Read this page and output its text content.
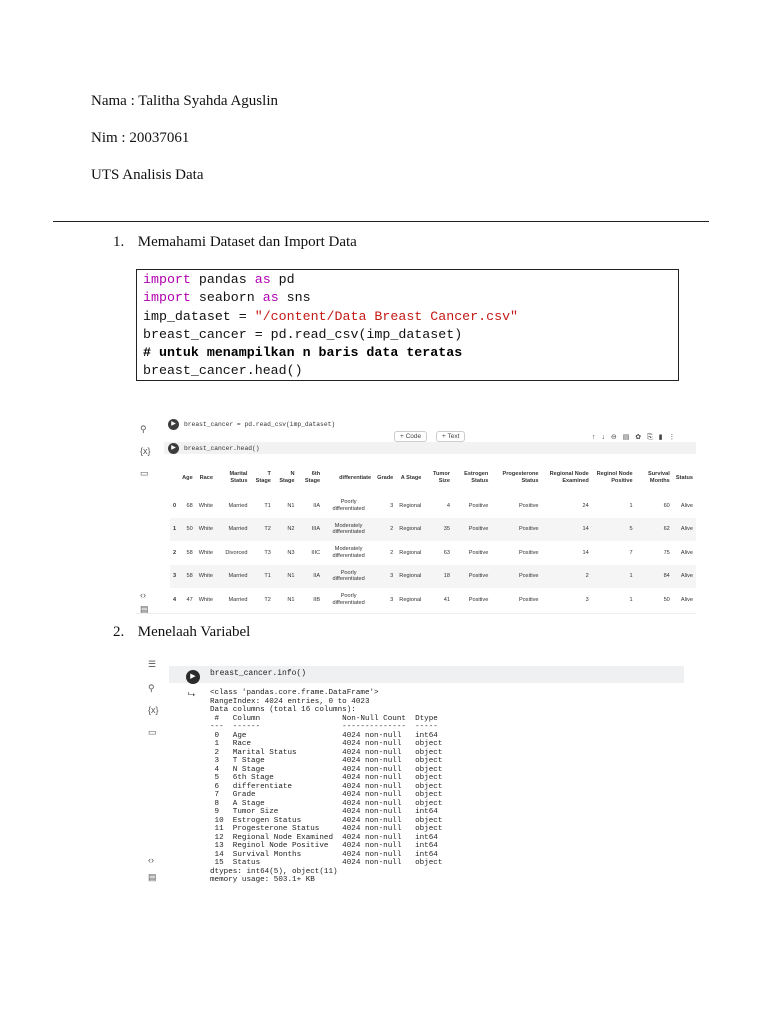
Nama : Talitha Syahda Aguslin
Nim : 20037061
UTS Analisis Data
1. Memahami Dataset dan Import Data
import pandas as pd
import seaborn as sns
imp_dataset = "/content/Data Breast Cancer.csv"
breast_cancer = pd.read_csv(imp_dataset)
# untuk menampilkan n baris data teratas
breast_cancer.head()
⚲
{x}
▭
‹›
▤
▶	breast_cancer = pd.read_csv(imp_dataset)
+ Code	+ Text	↑ ↓ ⊖ ▤ ✿ ⎘ ▮ ⋮
▶	breast_cancer.head()
	Age	Race	Marital Status	T Stage	N Stage	6th Stage	differentiate	Grade	A Stage	Tumor Size	Estrogen Status	Progesterone Status	Regional Node Examined	Reginol Node Positive	Survival Months	Status
0	68	White	Married	T1	N1	IIA	Poorly differentiated	3	Regional	4	Positive	Positive	24	1	60	Alive
1	50	White	Married	T2	N2	IIIA	Moderately differentiated	2	Regional	35	Positive	Positive	14	5	62	Alive
2	58	White	Divorced	T3	N3	IIIC	Moderately differentiated	2	Regional	63	Positive	Positive	14	7	75	Alive
3	58	White	Married	T1	N1	IIA	Poorly differentiated	3	Regional	18	Positive	Positive	2	1	84	Alive
4	47	White	Married	T2	N1	IIB	Poorly differentiated	3	Regional	41	Positive	Positive	3	1	50	Alive
2. Menelaah Variabel
☰
⚲
{x}
▭
‹›
▤
▶	breast_cancer.info()
⮡ <class 'pandas.core.frame.DataFrame'>
RangeIndex: 4024 entries, 0 to 4023
Data columns (total 16 columns):
#   Column                  Non-Null Count  Dtype
---  ------                  --------------  -----
0   Age                     4024 non-null   int64
1   Race                    4024 non-null   object
2   Marital Status          4024 non-null   object
3   T Stage                 4024 non-null   object
4   N Stage                 4024 non-null   object
5   6th Stage               4024 non-null   object
6   differentiate           4024 non-null   object
7   Grade                   4024 non-null   object
8   A Stage                 4024 non-null   object
9   Tumor Size              4024 non-null   int64
10  Estrogen Status         4024 non-null   object
11  Progesterone Status     4024 non-null   object
12  Regional Node Examined  4024 non-null   int64
13  Reginol Node Positive   4024 non-null   int64
14  Survival Months         4024 non-null   int64
15  Status                  4024 non-null   object
dtypes: int64(5), object(11)
memory usage: 503.1+ KB
